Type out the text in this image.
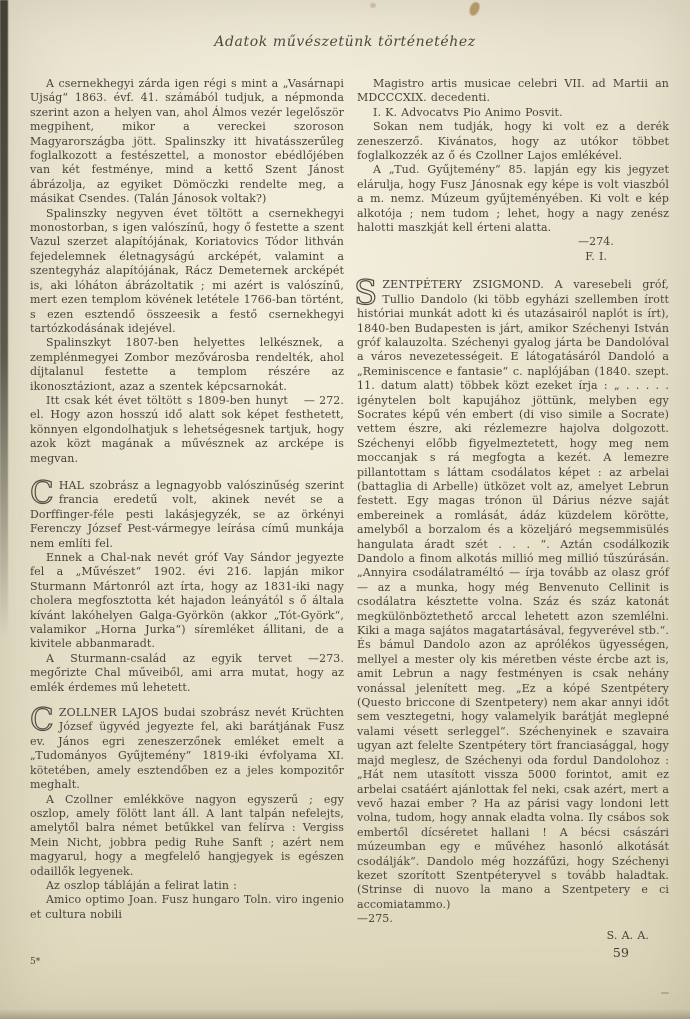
Adatok művészetünk történetéhez

A csernekhegyi zárda igen régi s mint a „Vasárnapi Ujság“ 1863. évf. 41. számából tudjuk, a népmonda szerint azon a helyen van, ahol Álmos vezér legelőször megpihent, mikor a vereckei szoroson Magyarországba jött. Spalinszky itt hivatásszerűleg foglalkozott a festészettel, a monostor ebédlőjében van két festménye, mind a kettő Szent Jánost ábrázolja, az egyiket Dömöczki rendelte meg, a másikat Csendes. (Talán Jánosok voltak?)

Spalinszky negyven évet töltött a csernekhegyi monostorban, s igen valószínű, hogy ő festette a szent Vazul szerzet alapítójának, Koriatovics Tódor lithván fejedelemnek életnagyságú arcképét, valamint a szentegyház alapítójának, Rácz Demeternek arcképét is, aki lóháton ábrázoltatik ; mi azért is valószínű, mert ezen templom kövének letétele 1766-ban történt, s ezen esztendő összeesik a festő csernekhegyi tartózkodásának idejével.

Spalinszkyt 1807-ben helyettes lelkésznek, a zemplénmegyei Zombor mezővárosba rendelték, ahol díjtalanul festette a templom részére az ikonosztáziont, azaz a szentek képcsarnokát.

— 272.
Itt csak két évet töltött s 1809-ben hunyt el. Hogy azon hosszú idő alatt sok képet festhetett, könnyen elgondolhatjuk s lehetségesnek tartjuk, hogy azok közt magának a művésznek az arcképe is megvan.

CHAL szobrász a legnagyobb valószinűség szerint francia eredetű volt, akinek nevét se a Dorffinger-féle pesti lakásjegyzék, se az örkényi Ferenczy József Pest-vármegye leírása című munkája nem említi fel.

Ennek a Chal-nak nevét gróf Vay Sándor jegyezte fel a „Művészet“ 1902. évi 216. lapján mikor Sturmann Mártonról azt írta, hogy az 1831-iki nagy cholera megfosztotta két hajadon leányától s ő általa kívánt lakóhelyen Galga-Györkön (akkor „Tót-Györk“, valamikor „Horna Jurka“) síremléket állitani, de a kivitele abbanmaradt.

—273.
A Sturmann-család az egyik tervet megőrizte Chal műveiből, ami arra mutat, hogy az emlék érdemes mű lehetett.

CZOLLNER LAJOS budai szobrász nevét Krüchten József ügyvéd jegyezte fel, aki barátjának Fusz ev. János egri zeneszerzőnek emléket emelt a „Tudományos Gyűjtemény“ 1819-iki évfolyama XI. kötetében, amely esztendőben ez a jeles kompozitőr meghalt.

A Czollner emlékköve nagyon egyszerű ; egy oszlop, amely fölött lant áll. A lant talpán nefelejts, amelytől balra német betűkkel van felírva : Vergiss Mein Nicht, jobbra pedig Ruhe Sanft ; azért nem magyarul, hogy a megfelelő hangjegyek is egészen odaillők legyenek.

Az oszlop tábláján a felirat latin :

Amico optimo Joan. Fusz hungaro Toln. viro ingenio et cultura nobili

Magistro artis musicae celebri VII. ad Martii an MDCCCXIX. decedenti.

I. K. Advocatvs Pio Animo Posvit.

Sokan nem tudják, hogy ki volt ez a derék zeneszerző. Kivánatos, hogy az utókor többet foglalkozzék az ő és Czollner Lajos emlékével.

A „Tud. Gyűjtemény“ 85. lapján egy kis jegyzet elárulja, hogy Fusz Jánosnak egy képe is volt viaszból a m. nemz. Múzeum gyűjteményében. Ki volt e kép alkotója ; nem tudom ; lehet, hogy a nagy zenész halotti maszkját kell érteni alatta.

—274.
F. I.

SZENTPÉTERY ZSIGMOND. A varesebeli gróf, Tullio Dandolo (ki több egyházi szellemben írott históriai munkát adott ki és utazásairól naplót is írt), 1840-ben Budapesten is járt, amikor Széchenyi István gróf kalauzolta. Széchenyi gyalog járta be Dandolóval a város nevezetességeit. E látogatásáról Dandoló a „Reminiscence e fantasie“ c. naplójában (1840. szept. 11. datum alatt) többek közt ezeket írja : „ . . . . . igénytelen bolt kapujához jöttünk, melyben egy Socrates képű vén embert (di viso simile a Socrate) vettem észre, aki rézlemezre hajolva dolgozott. Széchenyi előbb figyelmeztetett, hogy meg nem moccanjak s rá megfogta a kezét. A lemezre pillantottam s láttam csodálatos képet : az arbelai (battaglia di Arbelle) ütközet volt az, amelyet Lebrun festett. Egy magas trónon ül Dárius nézve saját embereinek a romlását, ádáz küzdelem körötte, amelyből a borzalom és a közeljáró megsemmisülés hangulata áradt szét . . . “. Aztán csodálkozik Dandolo a finom alkotás millió meg millió tűszúrásán. „Annyira csodálatraméltó — írja tovább az olasz gróf — az a munka, hogy még Benvenuto Cellinit is csodálatra késztette volna. Száz és száz katonát megkülönböztethető arccal lehetett azon szemlélni. Kiki a maga sajátos magatartásával, fegyverével stb.“. És bámul Dandolo azon az aprólékos ügyességen, mellyel a mester oly kis méretben véste ércbe azt is, amit Lebrun a nagy festményen is csak nehány vonással jelenített meg. „Ez a kópé Szentpétery (Questo briccone di Szentpetery) nem akar annyi időt sem vesztegetni, hogy valamelyik barátját meglepné valami vésett serleggel“. Széchenyinek e szavaira ugyan azt felelte Szentpétery tört franciasággal, hogy majd meglesz, de Széchenyi oda fordul Dandolohoz : „Hát nem utasított vissza 5000 forintot, amit ez arbelai csatáért ajánlottak fel neki, csak azért, mert a vevő hazai ember ? Ha az párisi vagy londoni lett volna, tudom, hogy annak eladta volna. Ily csábos sok embertől dícséretet hallani ! A bécsi császári múzeumban egy e művéhez hasonló alkotását csodálják“. Dandolo még hozzáfűzi, hogy Széchenyi kezet szorított Szentpéteryvel s tovább haladtak. (Strinse di nuovo la mano a Szentpetery e ci accomiatammo.)

—275.
S. A. A.
59
5*
